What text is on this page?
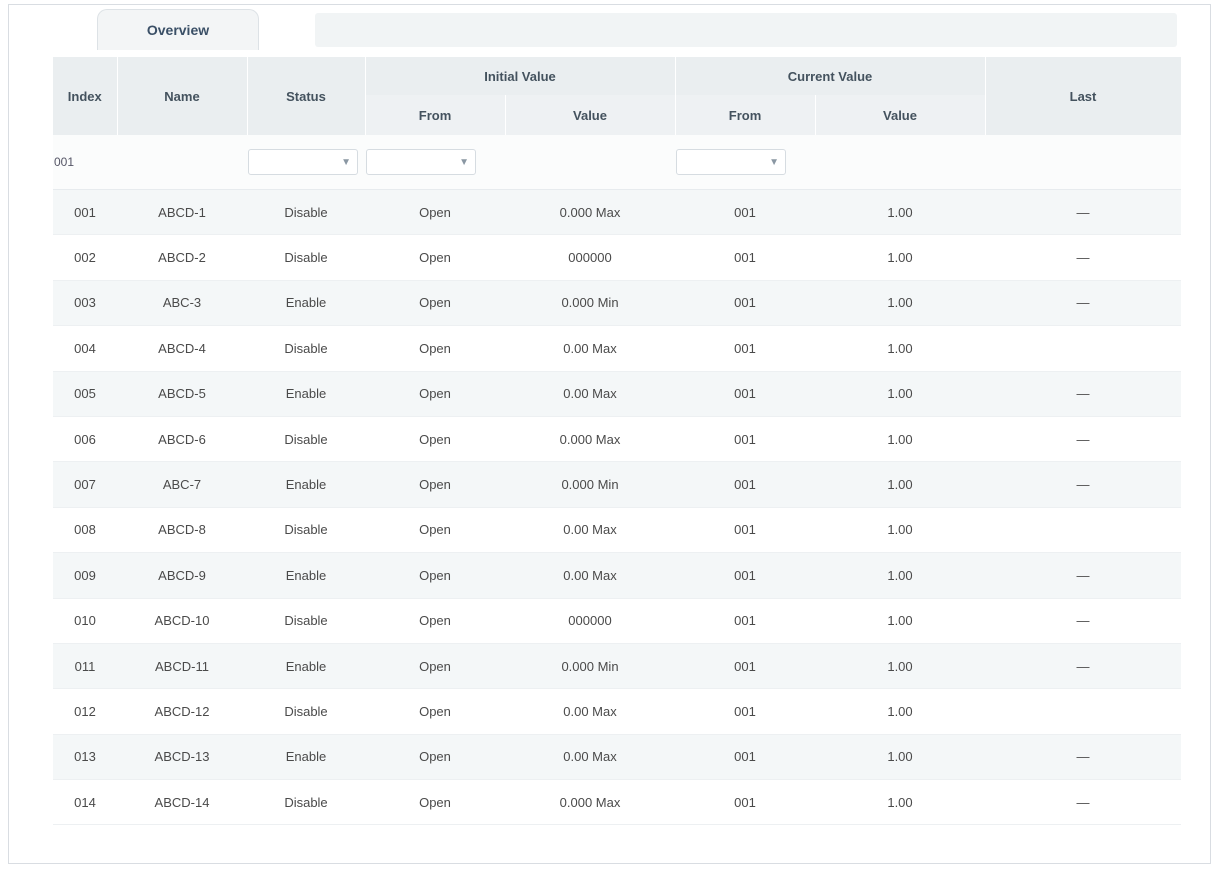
Overview
Index	Name	Status	Initial Value		Current Value		Last
			From	Value	From	Value	
001		▼	▼		▼		

001	ABCD-1	Disable	Open	0.000 Max	001	1.00	—
002	ABCD-2	Disable	Open	000000	001	1.00	—
003	ABC-3	Enable	Open	0.000 Min	001	1.00	—
004	ABCD-4	Disable	Open	0.00 Max	001	1.00	
005	ABCD-5	Enable	Open	0.00 Max	001	1.00	—
006	ABCD-6	Disable	Open	0.000 Max	001	1.00	—
007	ABC-7	Enable	Open	0.000 Min	001	1.00	—
008	ABCD-8	Disable	Open	0.00 Max	001	1.00	
009	ABCD-9	Enable	Open	0.00 Max	001	1.00	—
010	ABCD-10	Disable	Open	000000	001	1.00	—
011	ABCD-11	Enable	Open	0.000 Min	001	1.00	—
012	ABCD-12	Disable	Open	0.00 Max	001	1.00	
013	ABCD-13	Enable	Open	0.00 Max	001	1.00	—
014	ABCD-14	Disable	Open	0.000 Max	001	1.00	—
